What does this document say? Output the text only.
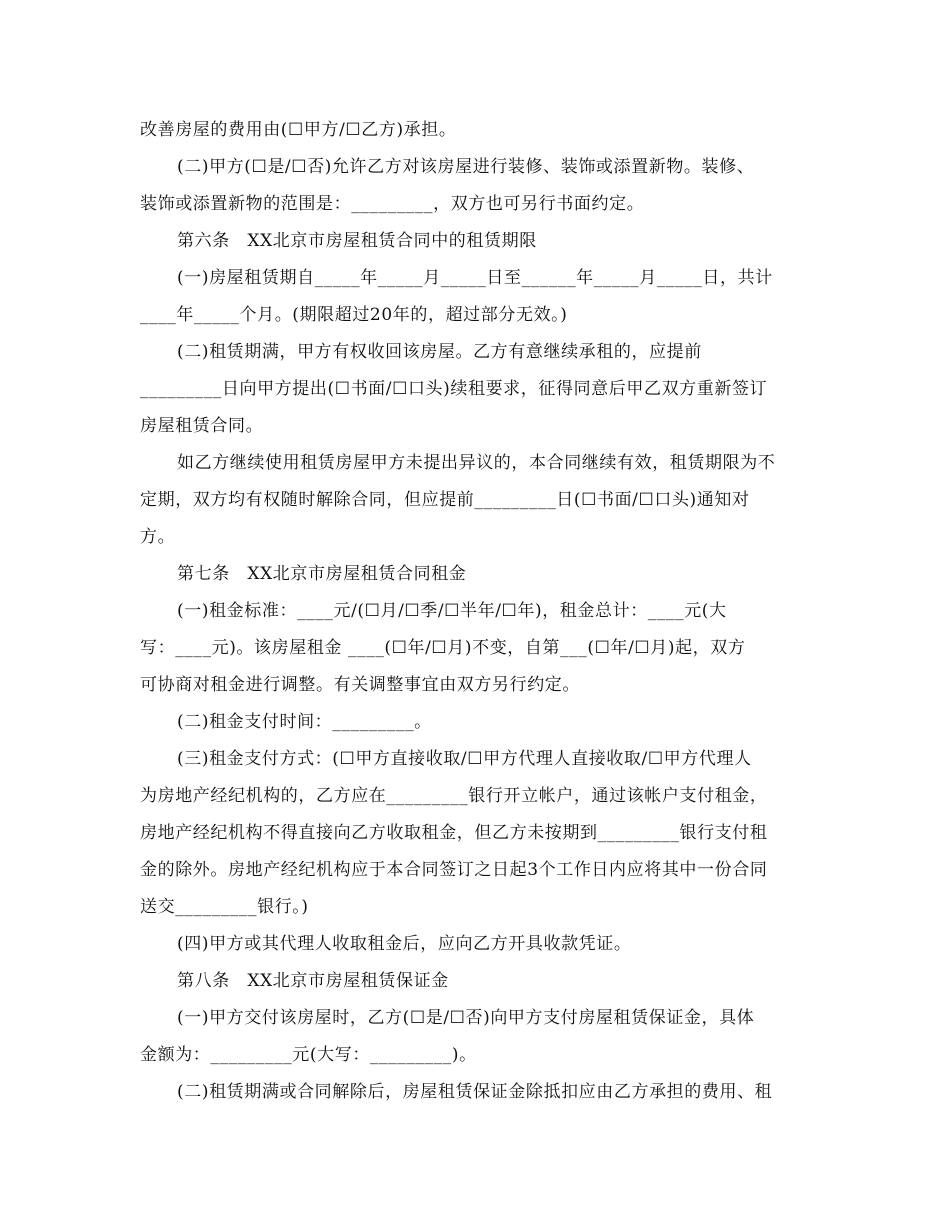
改善房屋的费用由(☐甲方/☐乙方)承担。
(二)甲方(☐是/☐否)允许乙方对该房屋进行装修、装饰或添置新物。装修、
装饰或添置新物的范围是：_________，双方也可另行书面约定。
第六条　XX北京市房屋租赁合同中的租赁期限
(一)房屋租赁期自_____年_____月_____日至______年_____月_____日，共计
____年_____个月。(期限超过20年的，超过部分无效。)
(二)租赁期满，甲方有权收回该房屋。乙方有意继续承租的，应提前
_________日向甲方提出(☐书面/☐口头)续租要求，征得同意后甲乙双方重新签订
房屋租赁合同。
如乙方继续使用租赁房屋甲方未提出异议的，本合同继续有效，租赁期限为不
定期，双方均有权随时解除合同，但应提前_________日(☐书面/☐口头)通知对
方。
第七条　XX北京市房屋租赁合同租金
(一)租金标准：____元/(☐月/☐季/☐半年/☐年)，租金总计：____元(大
写：____元)。该房屋租金 ____(☐年/☐月)不变，自第___(☐年/☐月)起，双方
可协商对租金进行调整。有关调整事宜由双方另行约定。
(二)租金支付时间：_________。
(三)租金支付方式：(☐甲方直接收取/☐甲方代理人直接收取/☐甲方代理人
为房地产经纪机构的，乙方应在_________银行开立帐户，通过该帐户支付租金，
房地产经纪机构不得直接向乙方收取租金，但乙方未按期到_________银行支付租
金的除外。房地产经纪机构应于本合同签订之日起3个工作日内应将其中一份合同
送交_________银行。)
(四)甲方或其代理人收取租金后，应向乙方开具收款凭证。
第八条　XX北京市房屋租赁保证金
(一)甲方交付该房屋时，乙方(☐是/☐否)向甲方支付房屋租赁保证金，具体
金额为：_________元(大写：_________)。
(二)租赁期满或合同解除后，房屋租赁保证金除抵扣应由乙方承担的费用、租
